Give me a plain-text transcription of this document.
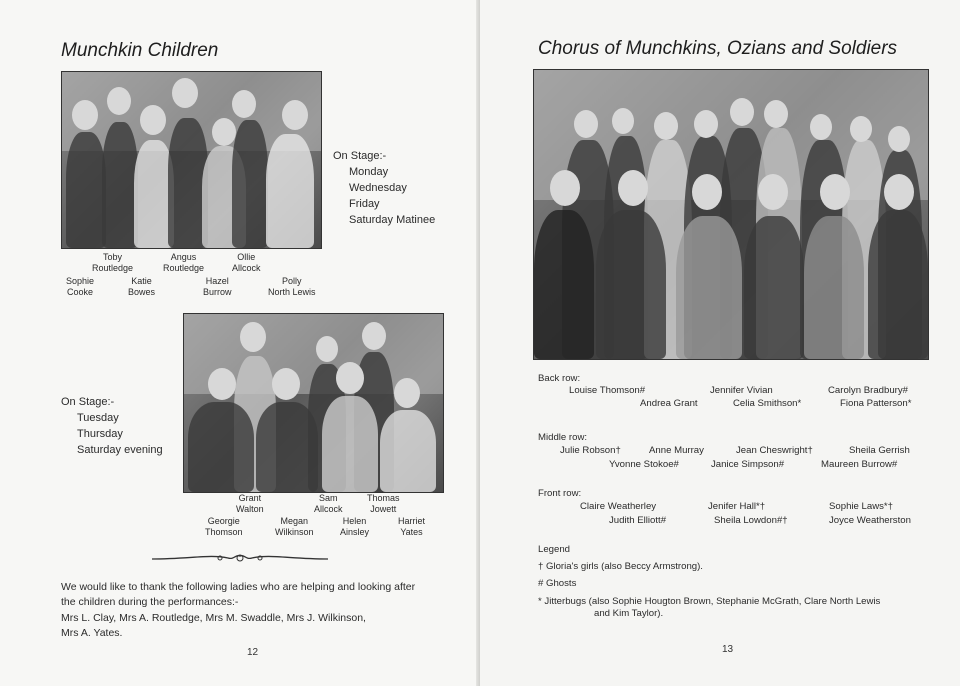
Munchkin Children
Toby
Routledge
Angus
Routledge
Ollie
Allcock
Sophie
Cooke
Katie
Bowes
Hazel
Burrow
Polly
North Lewis
On Stage:-
Monday
Wednesday
Friday
Saturday Matinee
On Stage:-
Tuesday
Thursday
Saturday evening
Grant
Walton
Sam
Allcock
Thomas
Jowett
Georgie
Thomson
Megan
Wilkinson
Helen
Ainsley
Harriet
Yates
We would like to thank the following ladies who are helping and looking after
the children during the performances:-
Mrs L. Clay, Mrs A. Routledge, Mrs M. Swaddle, Mrs J. Wilkinson,
Mrs A. Yates.
12
Chorus of Munchkins, Ozians and Soldiers
Back row:
Louise Thomson#	Jennifer Vivian	Carolyn Bradbury#
Andrea Grant	Celia Smithson*	Fiona Patterson*
Middle row:
Julie Robson†	Anne Murray	Jean Cheswright†	Sheila Gerrish
Yvonne Stokoe#	Janice Simpson#	Maureen Burrow#
Front row:
Claire Weatherley	Jenifer Hall*†	Sophie Laws*†
Judith Elliott#	Sheila Lowdon#†	Joyce Weatherston
Legend
† Gloria's girls (also Beccy Armstrong).
# Ghosts
* Jitterbugs (also Sophie Hougton Brown, Stephanie McGrath, Clare North Lewis
and Kim Taylor).
13
